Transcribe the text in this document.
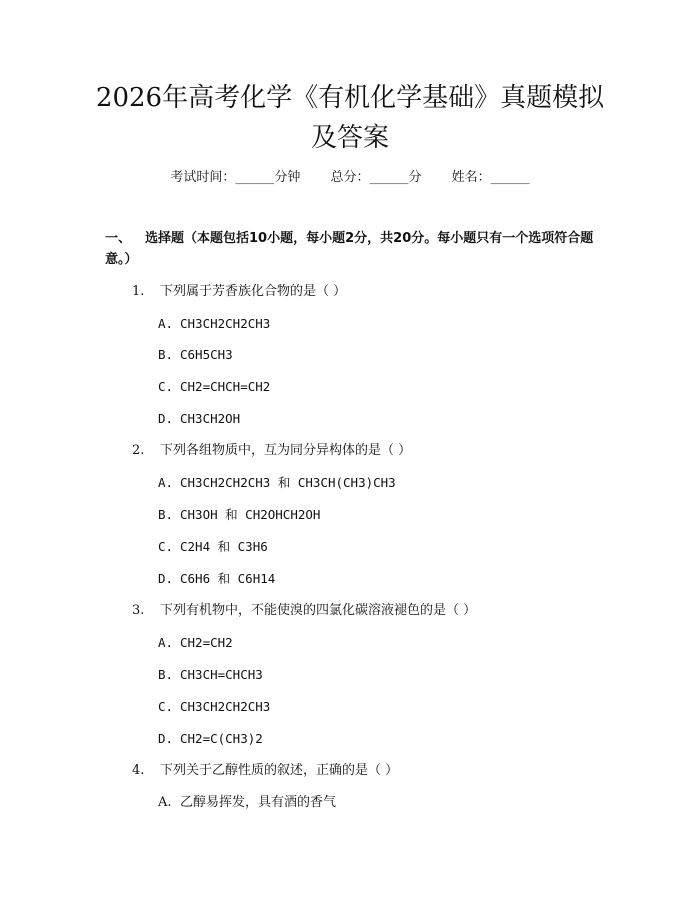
2026年高考化学《有机化学基础》真题模拟
及答案
考试时间：______分钟 总分：______分 姓名：______
一、 选择题（本题包括10小题，每小题2分，共20分。每小题只有一个选项符合题意。）
1. 下列属于芳香族化合物的是（ ）
A. CH3CH2CH2CH3
B. C6H5CH3
C. CH2=CHCH=CH2
D. CH3CH2OH
2. 下列各组物质中，互为同分异构体的是（ ）
A. CH3CH2CH2CH3 和 CH3CH(CH3)CH3
B. CH3OH 和 CH2OHCH2OH
C. C2H4 和 C3H6
D. C6H6 和 C6H14
3. 下列有机物中，不能使溴的四氯化碳溶液褪色的是（ ）
A. CH2=CH2
B. CH3CH=CHCH3
C. CH3CH2CH2CH3
D. CH2=C(CH3)2
4. 下列关于乙醇性质的叙述，正确的是（ ）
A. 乙醇易挥发，具有酒的香气
